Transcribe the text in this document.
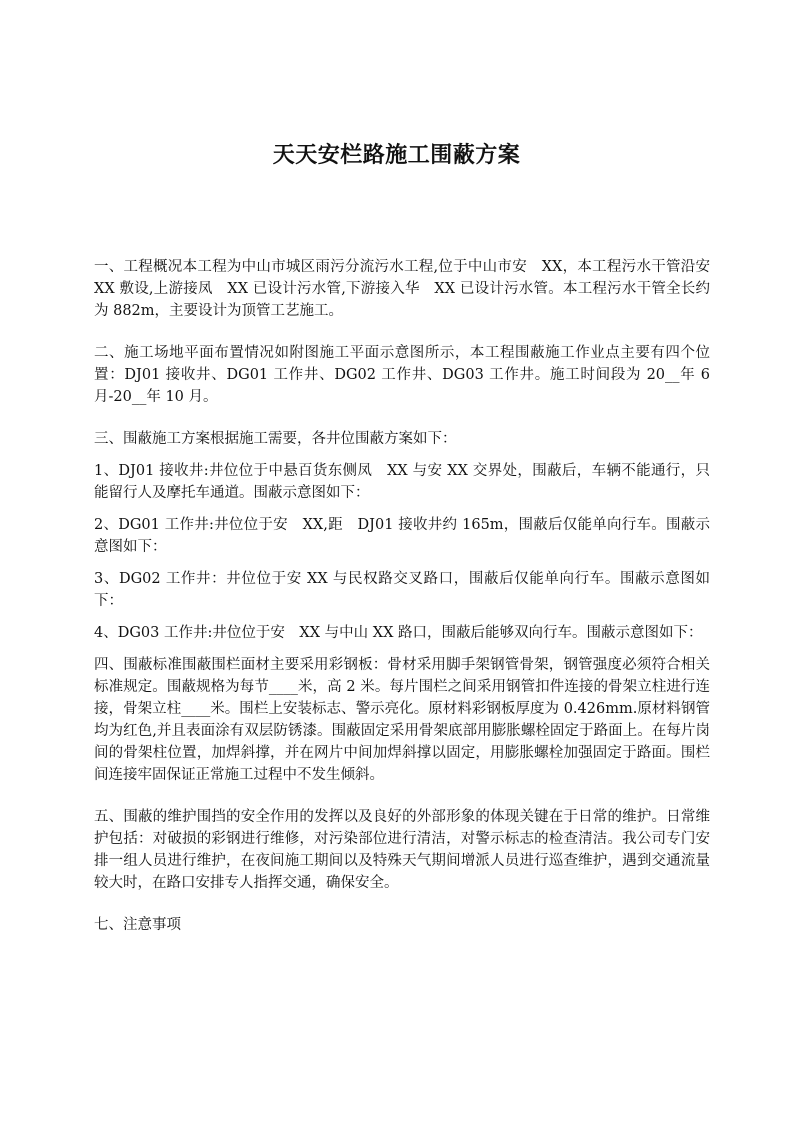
天天安栏路施工围蔽方案

一、工程概况本工程为中山市城区雨污分流污水工程,位于中山市安　XX，本工程污水干管沿安 XX 敷设,上游接凤　XX 已设计污水管,下游接入华　XX 已设计污水管。本工程污水干管全长约为 882m，主要设计为顶管工艺施工。

二、施工场地平面布置情况如附图施工平面示意图所示，本工程围蔽施工作业点主要有四个位置：DJ01 接收井、DG01 工作井、DG02 工作井、DG03 工作井。施工时间段为 20__年 6 月-20__年 10 月。

三、围蔽施工方案根据施工需要，各井位围蔽方案如下：

1、DJ01 接收井:井位位于中悬百货东侧凤　XX 与安 XX 交界处，围蔽后，车辆不能通行，只能留行人及摩托车通道。围蔽示意图如下：

2、DG01 工作井:井位位于安　XX,距　DJ01 接收井约 165m，围蔽后仅能单向行车。围蔽示意图如下：

3、DG02 工作井：井位位于安 XX 与民权路交叉路口，围蔽后仅能单向行车。围蔽示意图如下：

4、DG03 工作井:井位位于安　XX 与中山 XX 路口，围蔽后能够双向行车。围蔽示意图如下：

四、围蔽标准围蔽围栏面材主要采用彩钢板：骨材采用脚手架钢管骨架，钢管强度必须符合相关标准规定。围蔽规格为每节____米，高 2 米。每片围栏之间采用钢管扣件连接的骨架立柱进行连接，骨架立柱____米。围栏上安装标志、警示亮化。原材料彩钢板厚度为 0.426mm.原材料钢管均为红色,并且表面涂有双层防锈漆。围蔽固定采用骨架底部用膨胀螺栓固定于路面上。在每片岗间的骨架柱位置，加焊斜撑，并在网片中间加焊斜撑以固定，用膨胀螺栓加强固定于路面。围栏间连接牢固保证正常施工过程中不发生倾斜。

五、围蔽的维护围挡的安全作用的发挥以及良好的外部形象的体现关键在于日常的维护。日常维护包括：对破损的彩钢进行维修，对污染部位进行清洁，对警示标志的检查清洁。我公司专门安排一组人员进行维护，在夜间施工期间以及特殊天气期间增派人员进行巡查维护，遇到交通流量较大时，在路口安排专人指挥交通，确保安全。

七、注意事项
